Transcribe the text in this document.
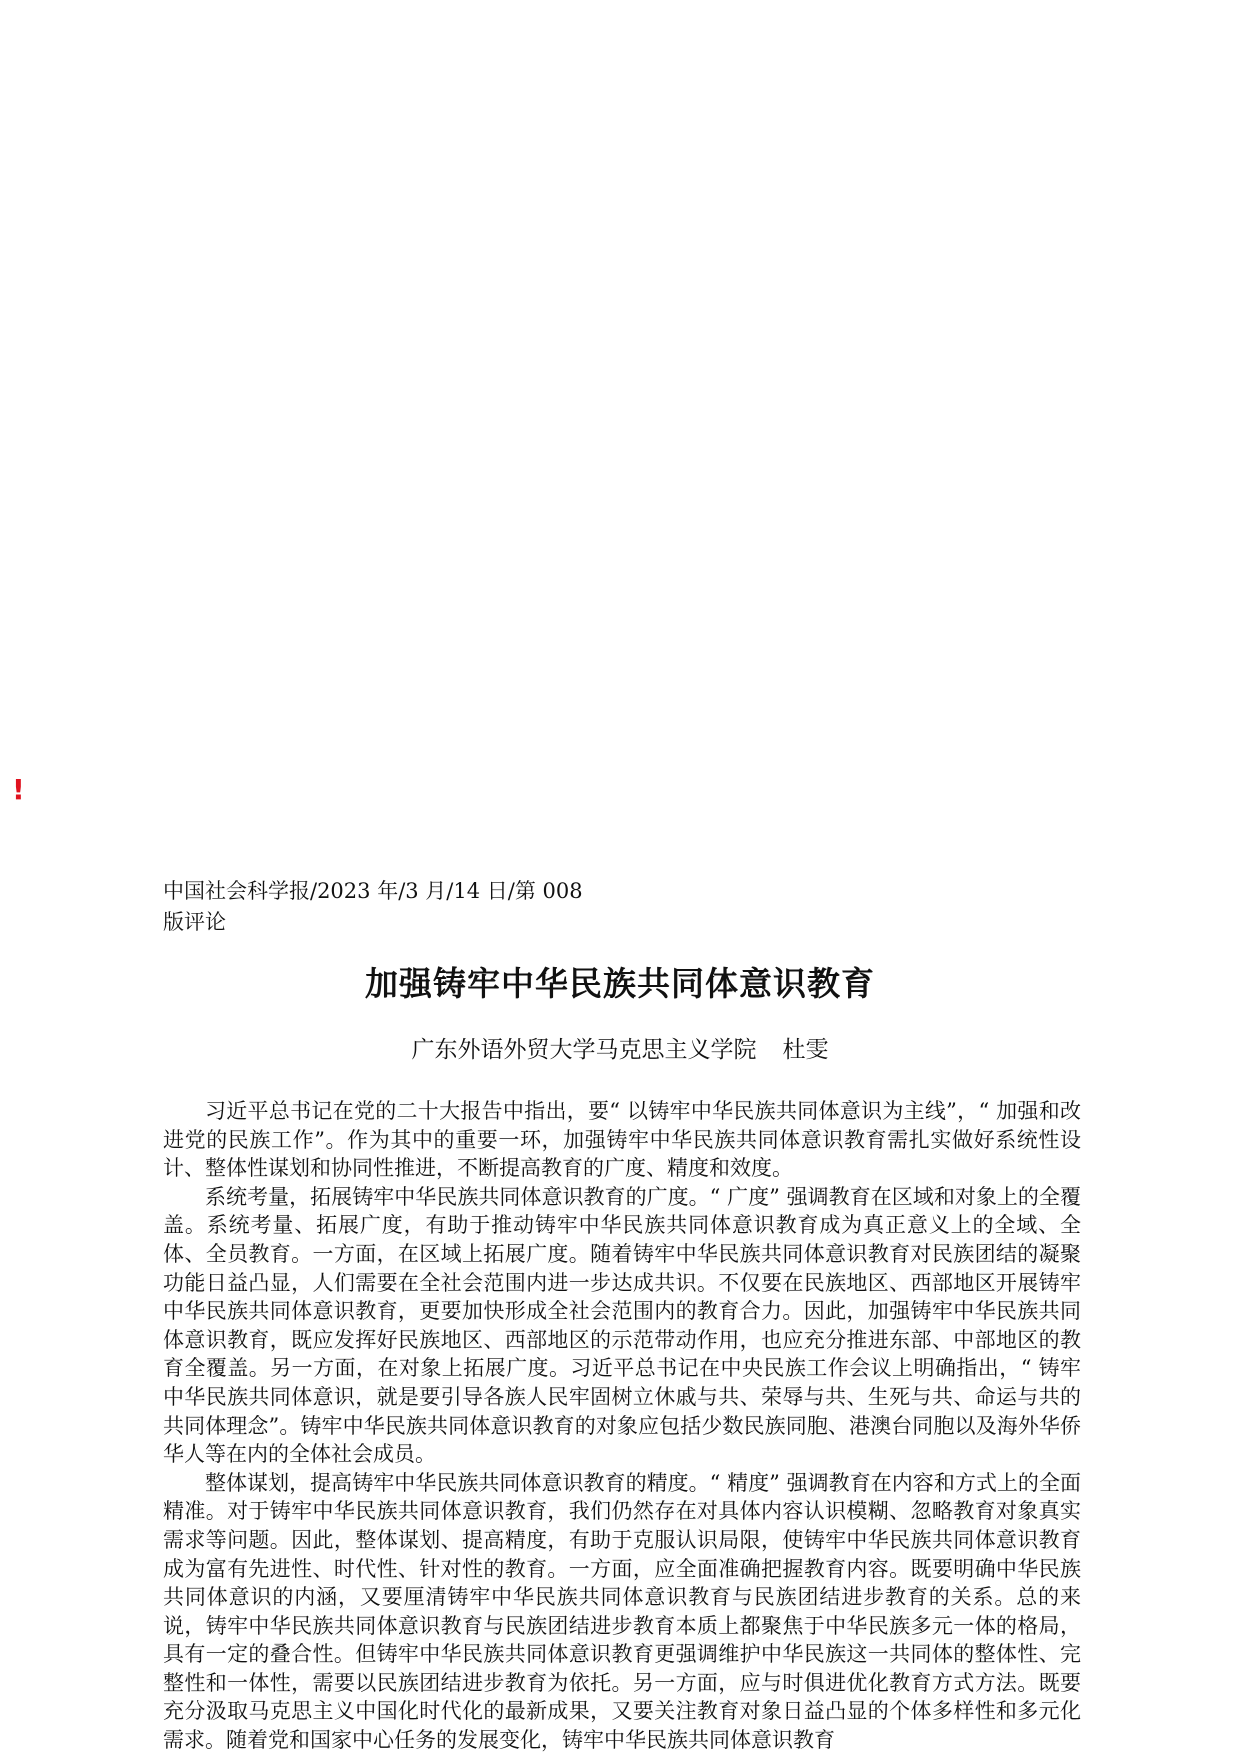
!
中国社会科学报/2023 年/3 月/14 日/第 008
版评论
加强铸牢中华民族共同体意识教育
广东外语外贸大学马克思主义学院 杜雯

习近平总书记在党的二十大报告中指出，要“ 以铸牢中华民族共同体意识为主线”，“ 加强和改进党的民族工作”。作为其中的重要一环，加强铸牢中华民族共同体意识教育需扎实做好系统性设计、整体性谋划和协同性推进，不断提高教育的广度、精度和效度。

系统考量，拓展铸牢中华民族共同体意识教育的广度。“ 广度” 强调教育在区域和对象上的全覆盖。系统考量、拓展广度，有助于推动铸牢中华民族共同体意识教育成为真正意义上的全域、全体、全员教育。一方面，在区域上拓展广度。随着铸牢中华民族共同体意识教育对民族团结的凝聚功能日益凸显，人们需要在全社会范围内进一步达成共识。不仅要在民族地区、西部地区开展铸牢中华民族共同体意识教育，更要加快形成全社会范围内的教育合力。因此，加强铸牢中华民族共同体意识教育，既应发挥好民族地区、西部地区的示范带动作用，也应充分推进东部、中部地区的教育全覆盖。另一方面，在对象上拓展广度。习近平总书记在中央民族工作会议上明确指出，“ 铸牢中华民族共同体意识，就是要引导各族人民牢固树立休戚与共、荣辱与共、生死与共、命运与共的共同体理念”。铸牢中华民族共同体意识教育的对象应包括少数民族同胞、港澳台同胞以及海外华侨华人等在内的全体社会成员。

整体谋划，提高铸牢中华民族共同体意识教育的精度。“ 精度” 强调教育在内容和方式上的全面精准。对于铸牢中华民族共同体意识教育，我们仍然存在对具体内容认识模糊、忽略教育对象真实需求等问题。因此，整体谋划、提高精度，有助于克服认识局限，使铸牢中华民族共同体意识教育成为富有先进性、时代性、针对性的教育。一方面，应全面准确把握教育内容。既要明确中华民族共同体意识的内涵，又要厘清铸牢中华民族共同体意识教育与民族团结进步教育的关系。总的来说，铸牢中华民族共同体意识教育与民族团结进步教育本质上都聚焦于中华民族多元一体的格局，具有一定的叠合性。但铸牢中华民族共同体意识教育更强调维护中华民族这一共同体的整体性、完整性和一体性，需要以民族团结进步教育为依托。另一方面，应与时俱进优化教育方式方法。既要充分汲取马克思主义中国化时代化的最新成果，又要关注教育对象日益凸显的个体多样性和多元化需求。随着党和国家中心任务的发展变化，铸牢中华民族共同体意识教育
